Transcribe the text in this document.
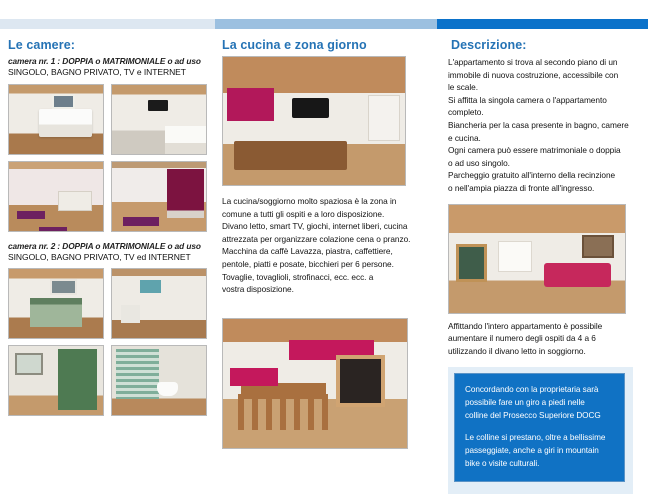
Le camere:
camera nr. 1 : DOPPIA o MATRIMONIALE o ad uso
SINGOLO, BAGNO PRIVATO, TV e INTERNET
camera nr. 2 : DOPPIA o MATRIMONIALE o ad uso
SINGOLO, BAGNO PRIVATO, TV ed INTERNET
La cucina e zona giorno

La cucina/soggiorno molto spaziosa è la zona in

comune a tutti gli ospiti e a loro disposizione.

Divano letto, smart TV, giochi, internet liberi, cucina

attrezzata per organizzare colazione cena o pranzo.

Macchina da caffè Lavazza, piastra, caffettiere,

pentole, piatti e posate, bicchieri per 6 persone.

Tovaglie, tovaglioli, strofinacci, ecc. ecc. a

vostra disposizione.

Descrizione:

L'appartamento si trova al secondo piano di un

immobile di nuova costruzione, accessibile con

le scale.

Si affitta la singola camera o l'appartamento

completo.

Biancheria per la casa presente in bagno, camere

e cucina.

Ogni camera può essere matrimoniale o doppia

o ad uso singolo.

Parcheggio gratuito all'interno della recinzione

o nell'ampia piazza di fronte all'ingresso.

Affittando l'intero appartamento è possibile

aumentare il numero degli ospiti da 4 a 6

utilizzando il divano letto in soggiorno.

Concordando con la proprietaria sarà

possibile fare un giro a piedi nelle

colline del Prosecco Superiore DOCG

Le colline si prestano, oltre a bellissime

passeggiate, anche a giri in mountain

bike o visite culturali.
